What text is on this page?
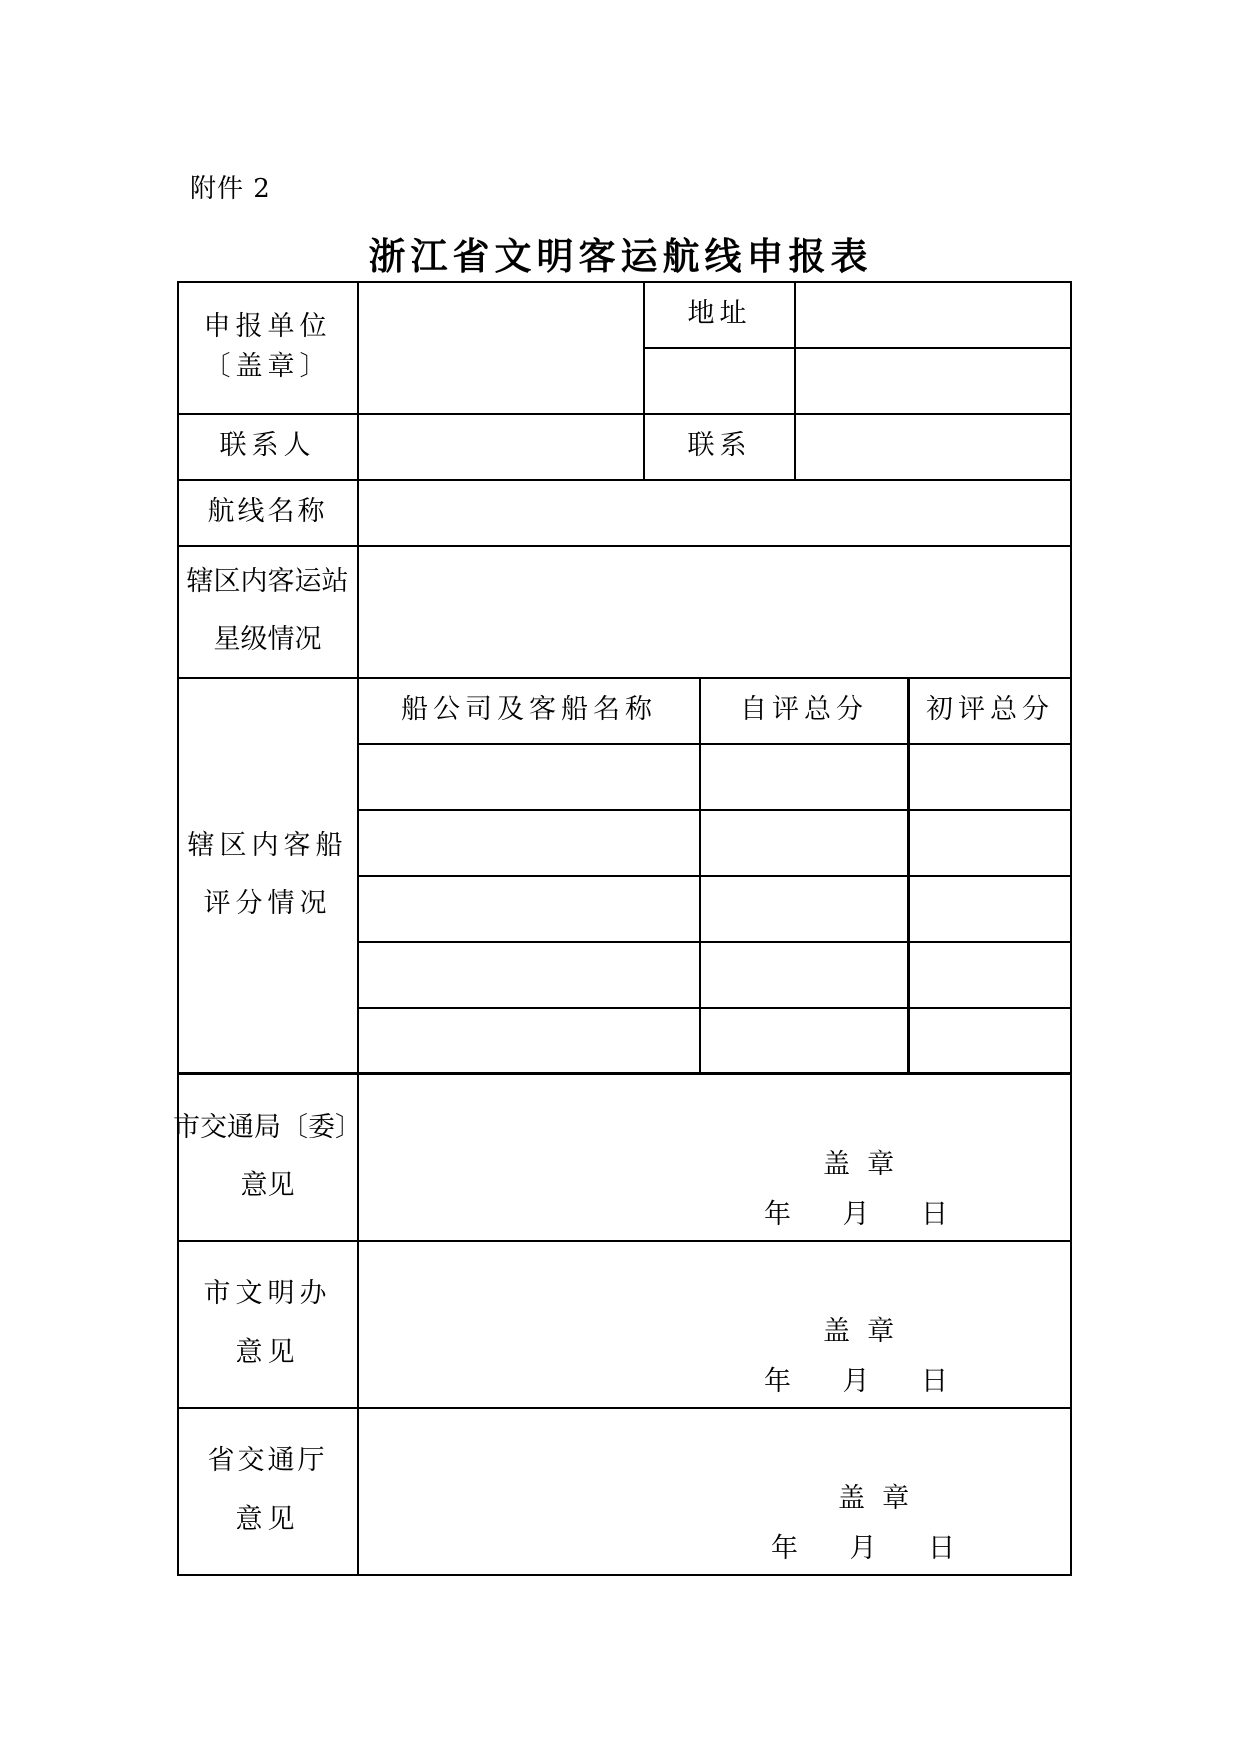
附件 2
浙江省文明客运航线申报表
申报单位
〔盖章〕
地址
联系人	联系
航线名称
辖区内客运站
星级情况
辖区内客船
评分情况
船公司及客船名称	自评总分 初评总分
市交通局〔委〕
意见
盖  章
年      月      日
市文明办
意见
盖  章
年      月      日
省交通厅
意见
盖  章
年      月      日
